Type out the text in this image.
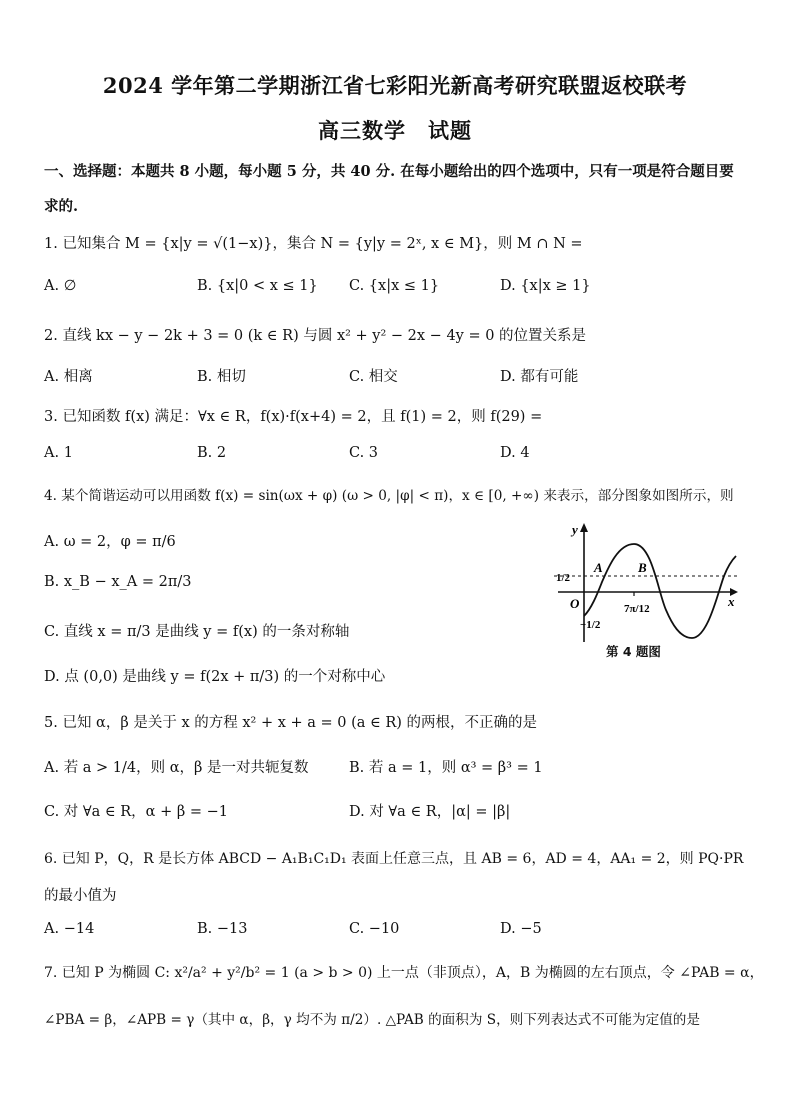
2024 学年第二学期浙江省七彩阳光新高考研究联盟返校联考
高三数学　试题
一、选择题：本题共 8 小题，每小题 5 分，共 40 分. 在每小题给出的四个选项中，只有一项是符合题目要
求的.
1. 已知集合 M = {x|y = √(1−x)}，集合 N = {y|y = 2ˣ, x ∈ M}，则 M ∩ N =
A. ∅	B. {x|0 < x ≤ 1} C. {x|x ≤ 1}	D. {x|x ≥ 1}
2. 直线 kx − y − 2k + 3 = 0 (k ∈ R) 与圆 x² + y² − 2x − 4y = 0 的位置关系是
A. 相离	B. 相切	C. 相交	D. 都有可能
3. 已知函数 f(x) 满足：∀x ∈ R，f(x)·f(x+4) = 2，且 f(1) = 2，则 f(29) =
A. 1	B. 2	C. 3	D. 4
4. 某个简谐运动可以用函数 f(x) = sin(ωx + φ) (ω > 0, |φ| < π)，x ∈ [0, +∞) 来表示，部分图象如图所示，则
A. ω = 2，φ = π/6
B. x_B − x_A = 2π/3
C. 直线 x = π/3 是曲线 y = f(x) 的一条对称轴
D. 点 (0,0) 是曲线 y = f(2x + π/3) 的一个对称中心
y
x
O
A	B
1/2
−1/2
7π/12
第 4 题图
5. 已知 α，β 是关于 x 的方程 x² + x + a = 0 (a ∈ R) 的两根，不正确的是
A. 若 a > 1/4，则 α，β 是一对共轭复数	B. 若 a = 1，则 α³ = β³ = 1
C. 对 ∀a ∈ R，α + β = −1	D. 对 ∀a ∈ R，|α| = |β|
6. 已知 P，Q，R 是长方体 ABCD − A₁B₁C₁D₁ 表面上任意三点，且 AB = 6，AD = 4，AA₁ = 2，则 PQ·PR
的最小值为
A. −14	B. −13	C. −10	D. −5
7. 已知 P 为椭圆 C: x²/a² + y²/b² = 1 (a > b > 0) 上一点（非顶点），A，B 为椭圆的左右顶点，令 ∠PAB = α，
∠PBA = β，∠APB = γ（其中 α，β，γ 均不为 π/2）. △PAB 的面积为 S，则下列表达式不可能为定值的是
